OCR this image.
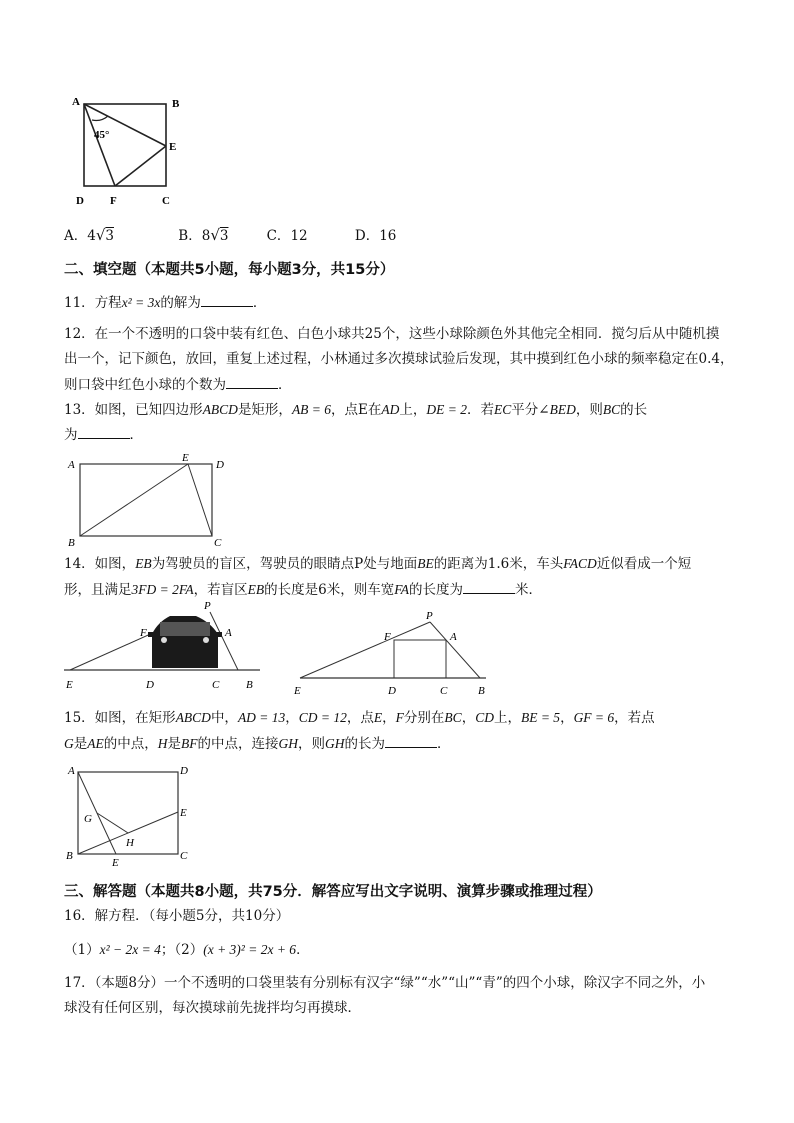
A	B
E
D F	C
45°
A．4√3	B．8√3	C．12	D．16
二、填空题（本题共5小题，每小题3分，共15分）
11．方程x² = 3x的解为	．
12．在一个不透明的口袋中装有红色、白色小球共25个，这些小球除颜色外其他完全相同．搅匀后从中随机摸
出一个，记下颜色，放回，重复上述过程，小林通过多次摸球试验后发现，其中摸到红色小球的频率稳定在0.4，
则口袋中红色小球的个数为	．
13．如图，已知四边形ABCD是矩形，AB = 6，点E在AD上，DE = 2．若EC平分∠BED，则BC的长
为	．
A
E
D
B	C
14．如图，EB为驾驶员的盲区，驾驶员的眼睛点P处与地面BE的距离为1.6米，车头FACD近似看成一个短
形，且满足3FD = 2FA，若盲区EB的长度是6米，则车宽FA的长度为	米．
P
F	A
E	D	C B
P
F	A
E	D	C	B
15．如图，在矩形ABCD中，AD = 13，CD = 12，点E，F分别在BC，CD上，BE = 5，GF = 6，若点
G是AE的中点，H是BF的中点，连接GH，则GH的长为	．
A	D
G	E
H
B
E
C
三、解答题（本题共8小题，共75分．解答应写出文字说明、演算步骤或推理过程）
16．解方程．（每小题5分，共10分）
（1）x² − 2x = 4；（2）(x + 3)² = 2x + 6．
17．（本题8分）一个不透明的口袋里装有分别标有汉字“绿”“水”“山”“青”的四个小球，除汉字不同之外，小
球没有任何区别，每次摸球前先拢拌均匀再摸球．
